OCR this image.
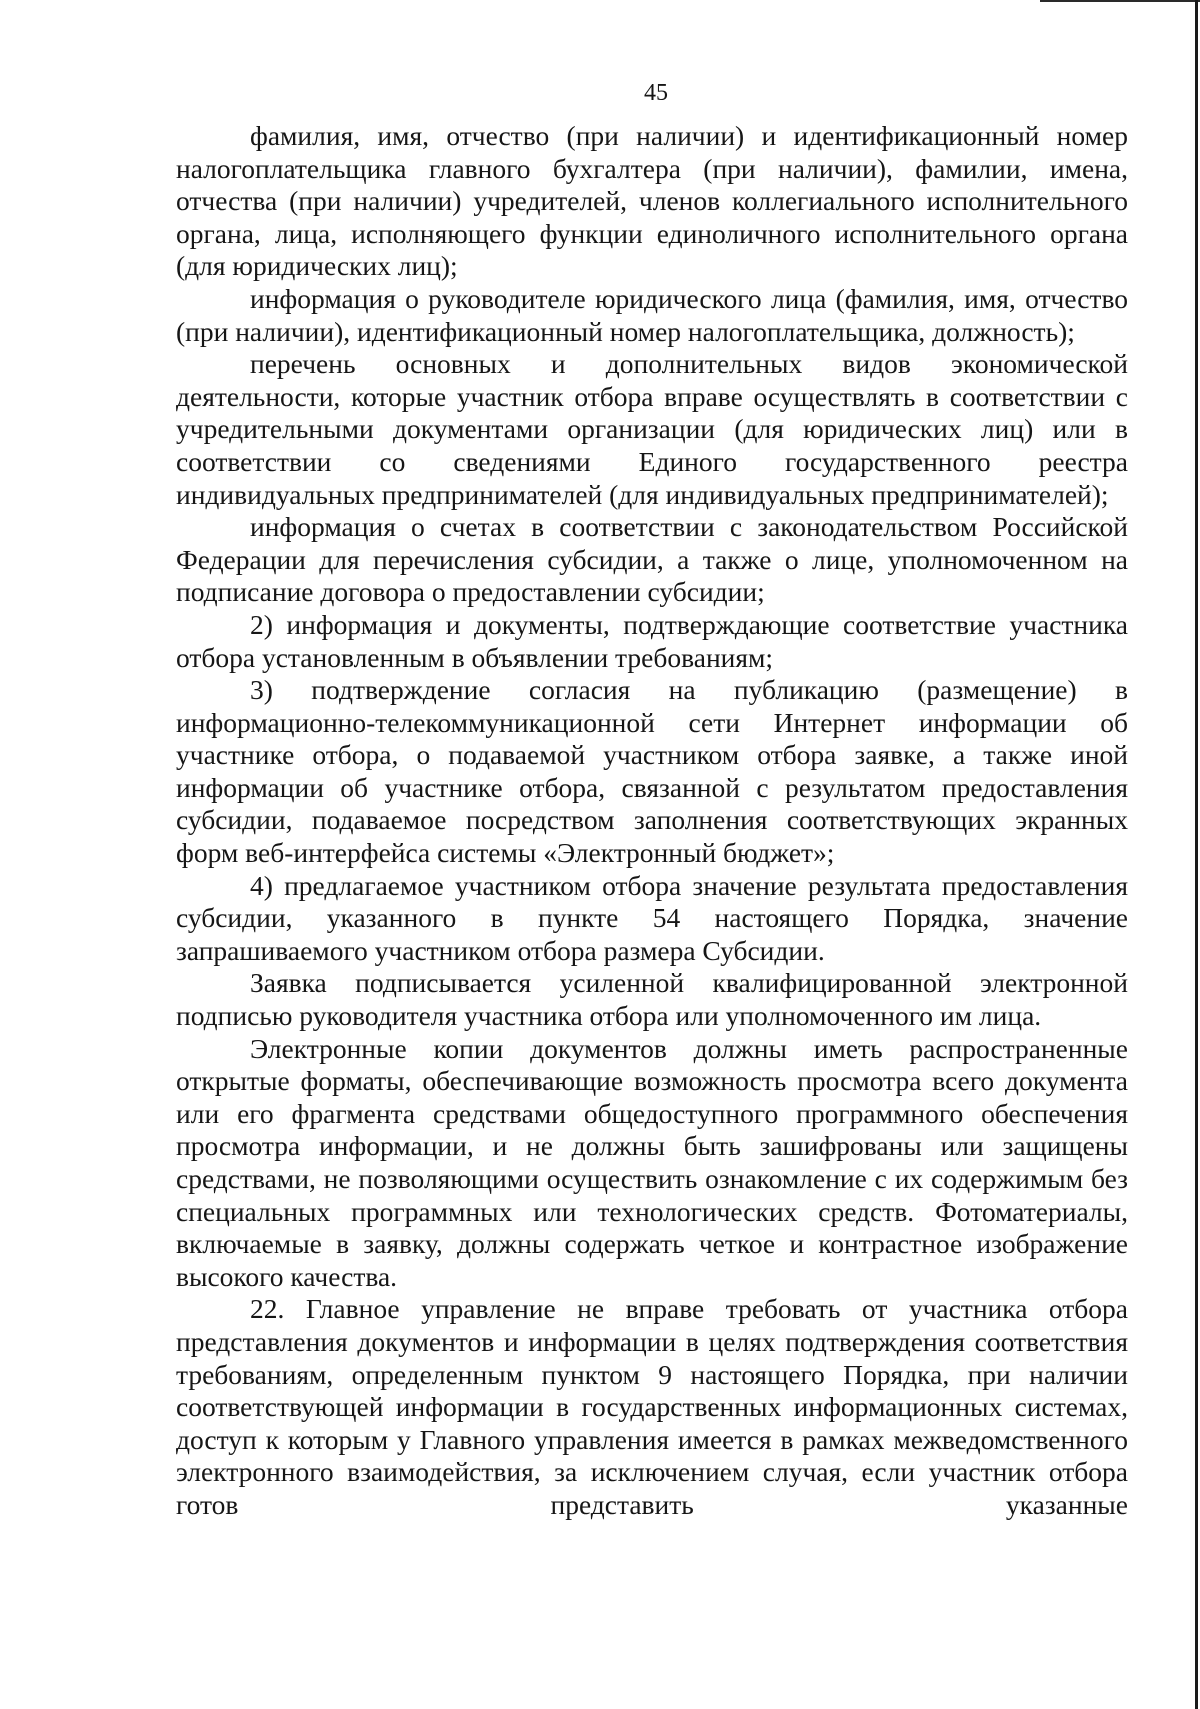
45

фамилия, имя, отчество (при наличии) и идентификационный номер налогоплательщика главного бухгалтера (при наличии), фамилии, имена, отчества (при наличии) учредителей, членов коллегиального исполнительного органа, лица, исполняющего функции единоличного исполнительного органа (для юридических лиц);

информация о руководителе юридического лица (фамилия, имя, отчество (при наличии), идентификационный номер налогоплательщика, должность);

перечень основных и дополнительных видов экономической деятельности, которые участник отбора вправе осуществлять в соответствии с учредительными документами организации (для юридических лиц) или в соответствии со сведениями Единого государственного реестра индивидуальных предпринимателей (для индивидуальных предпринимателей);

информация о счетах в соответствии с законодательством Российской Федерации для перечисления субсидии, а также о лице, уполномоченном на подписание договора о предоставлении субсидии;

2) информация и документы, подтверждающие соответствие участника отбора установленным в объявлении требованиям;

3) подтверждение согласия на публикацию (размещение) в информационно-телекоммуникационной сети Интернет информации об участнике отбора, о подаваемой участником отбора заявке, а также иной информации об участнике отбора, связанной с результатом предоставления субсидии, подаваемое посредством заполнения соответствующих экранных форм веб-интерфейса системы «Электронный бюджет»;

4) предлагаемое участником отбора значение результата предоставления субсидии, указанного в пункте 54 настоящего Порядка, значение запрашиваемого участником отбора размера Субсидии.

Заявка подписывается усиленной квалифицированной электронной подписью руководителя участника отбора или уполномоченного им лица.

Электронные копии документов должны иметь распространенные открытые форматы, обеспечивающие возможность просмотра всего документа или его фрагмента средствами общедоступного программного обеспечения просмотра информации, и не должны быть зашифрованы или защищены средствами, не позволяющими осуществить ознакомление с их содержимым без специальных программных или технологических средств. Фотоматериалы, включаемые в заявку, должны содержать четкое и контрастное изображение высокого качества.

22. Главное управление не вправе требовать от участника отбора представления документов и информации в целях подтверждения соответствия требованиям, определенным пунктом 9 настоящего Порядка, при наличии соответствующей информации в государственных информационных системах, доступ к которым у Главного управления имеется в рамках межведомственного электронного взаимодействия, за исключением случая, если участник отбора готов представить указанные
